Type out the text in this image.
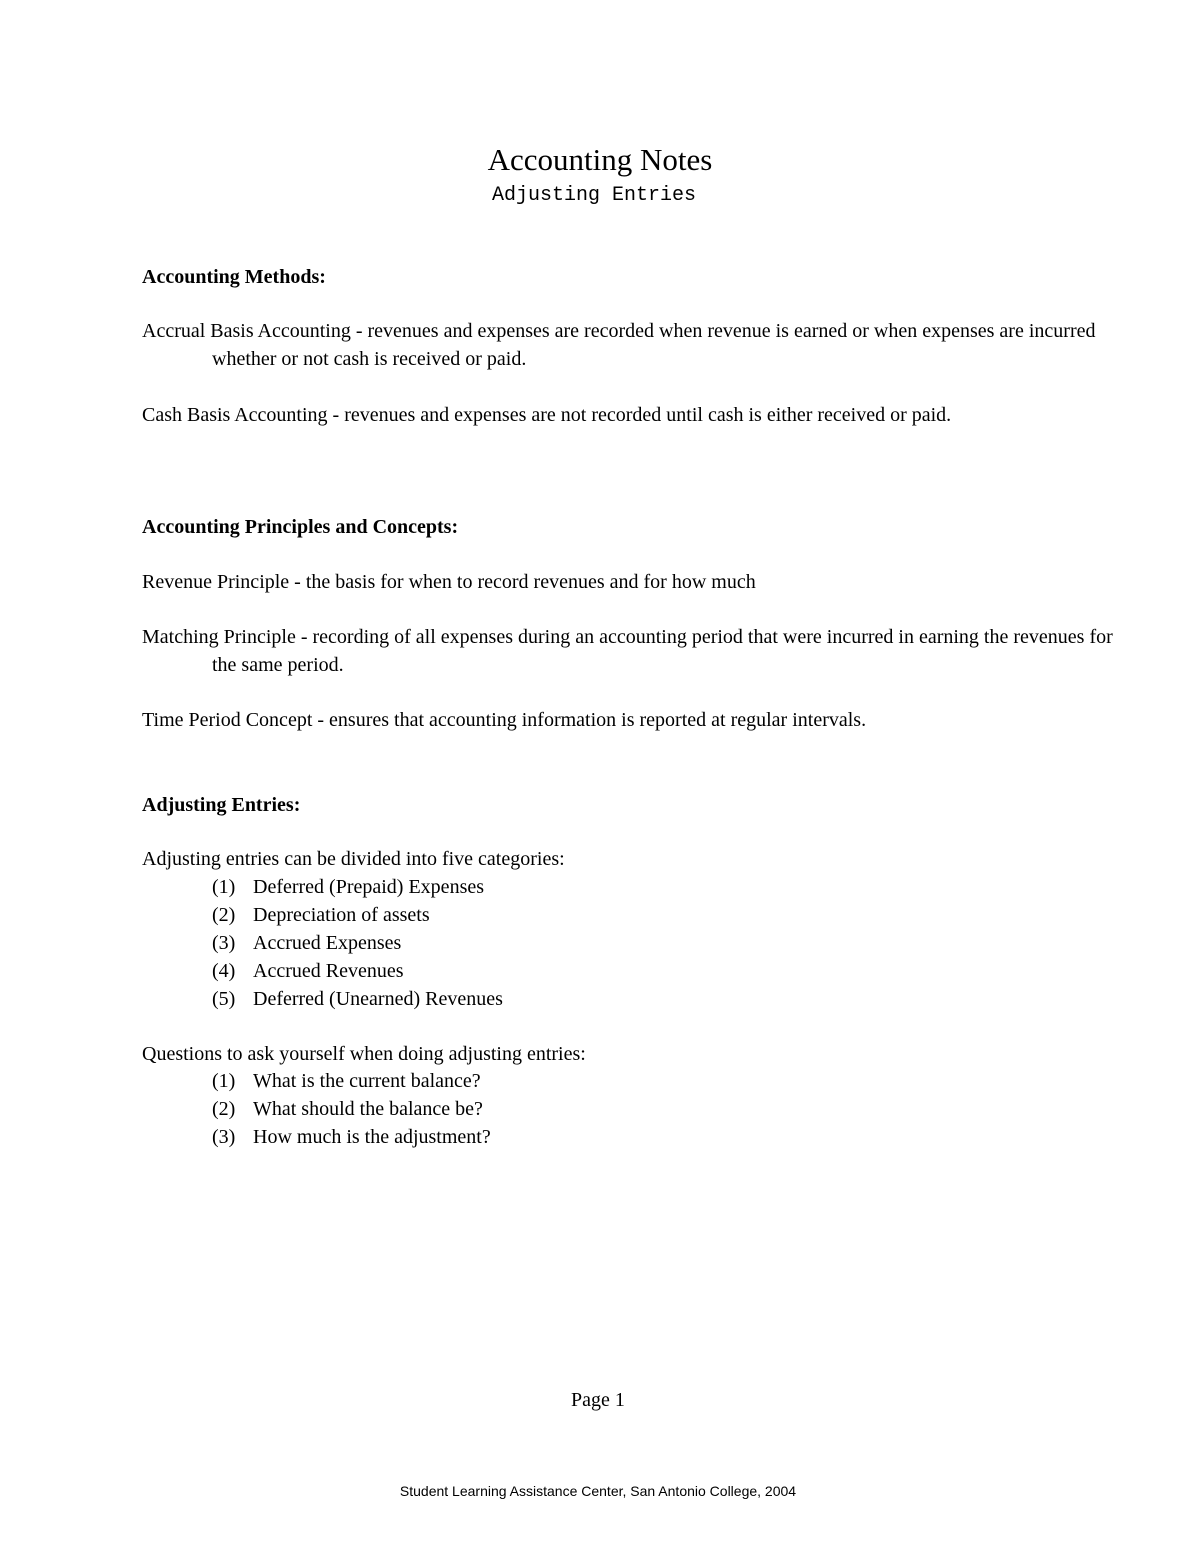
Accounting Notes
Adjusting Entries
Accounting Methods:

Accrual Basis Accounting - revenues and expenses are recorded when revenue is earned or when expenses are incurred whether or not cash is received or paid.

Cash Basis Accounting - revenues and expenses are not recorded until cash is either received or paid.

Accounting Principles and Concepts:

Revenue Principle - the basis for when to record revenues and for how much

Matching Principle - recording of all expenses during an accounting period that were incurred in earning the revenues for the same period.

Time Period Concept - ensures that accounting information is reported at regular intervals.

Adjusting Entries:
Adjusting entries can be divided into five categories:
(1) Deferred (Prepaid) Expenses
(2) Depreciation of assets
(3) Accrued Expenses
(4) Accrued Revenues
(5) Deferred (Unearned) Revenues
Questions to ask yourself when doing adjusting entries:
(1) What is the current balance?
(2) What should the balance be?
(3) How much is the adjustment?
Page 1
Student Learning Assistance Center, San Antonio College, 2004
